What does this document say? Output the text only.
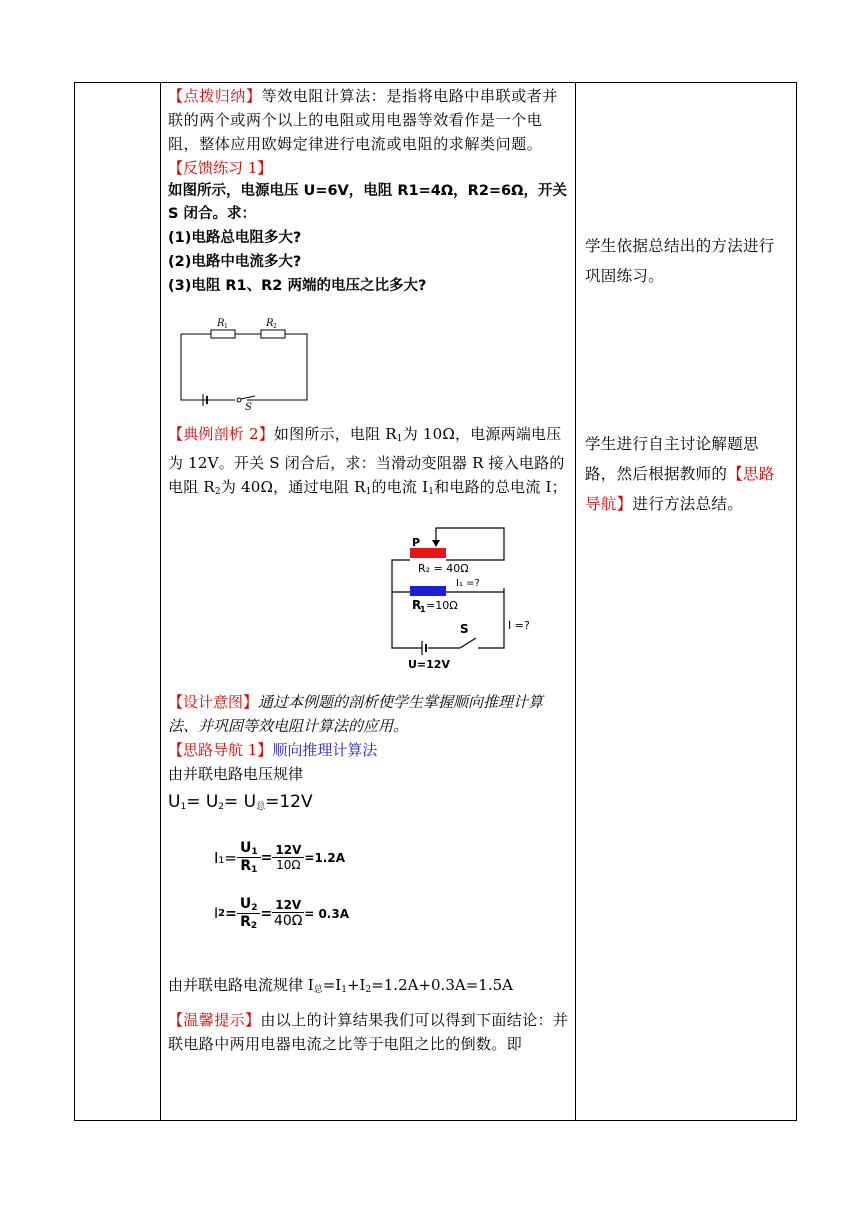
【点拨归纳】等效电阻计算法：是指将电路中串联或者并联的两个或两个以上的电阻或用电器等效看作是一个电阻，整体应用欧姆定律进行电流或电阻的求解类问题。

【反馈练习 1】

如图所示，电源电压 U=6V，电阻 R1=4Ω，R2=6Ω，开关 S 闭合。求：

(1)电路总电阻多大?

(2)电路中电流多大?

(3)电阻 R1、R2 两端的电压之比多大?

R 1	R 2
S
【典例剖析 2】如图所示，电阻 $R_1$为 10Ω，电源两端电压为 12V。开关 S 闭合后，求：当滑动变阻器 R 接入电路的电阻 $R_2$为 40Ω，通过电阻 $R_1$的电流 $I_1$和电路的总电流 I；
P
R₂ = 40Ω
I₁ =?
R
1 =10Ω
S	I =?
U=12V

【设计意图】通过本例题的剖析使学生掌握顺向推理计算法、并巩固等效电阻计算法的应用。

【思路导航 1】顺向推理计算法

由并联电路电压规律

$U_1= U_2= U_总=12V$
$I_1= \frac{U_1}{R_1} = \frac{12V}{10\Omega} =1.2A$
I $2 = \frac{U_2}{R_2} = \frac{12V}{40\Omega} = 0.3A$
由并联电路电流规律 $I_总=I_1+I_2=1.2A+0.3A=1.5A$
【温馨提示】由以上的计算结果我们可以得到下面结论：并联电路中两用电器电流之比等于电阻之比的倒数。即
学生依据总结出的方法进行巩固练习。
学生进行自主讨论解题思路，然后根据教师的【思路导航】进行方法总结。
